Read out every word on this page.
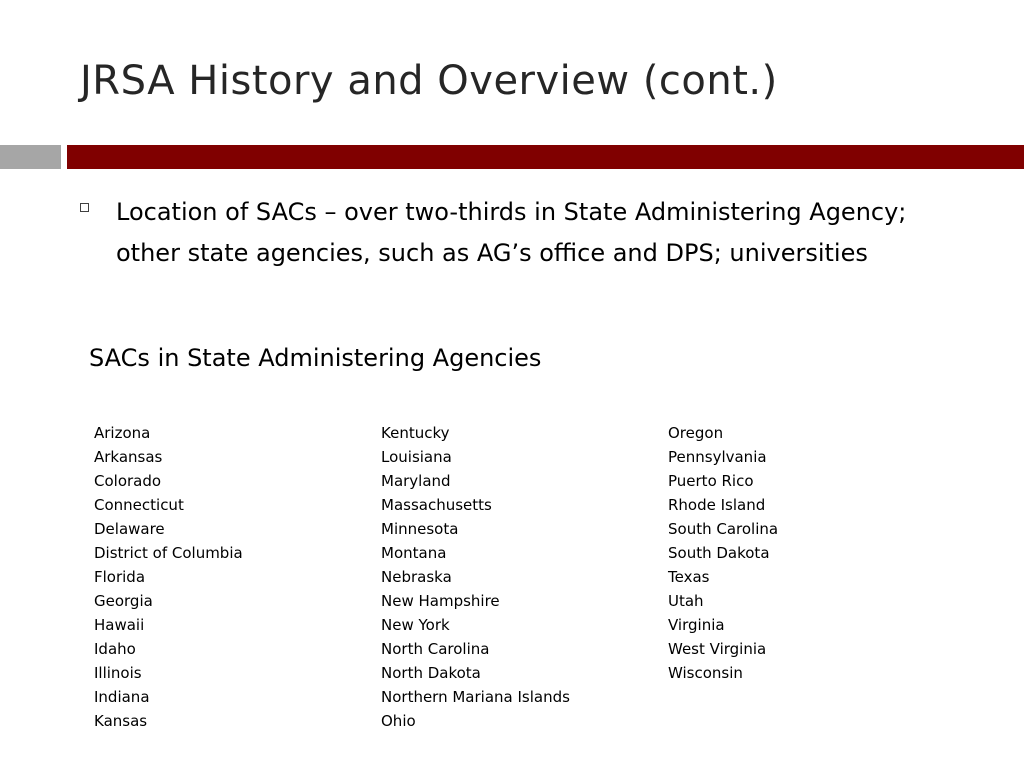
JRSA History and Overview (cont.)
Location of SACs – over two-thirds in State Administering Agency; other state agencies, such as AG’s office and DPS; universities
SACs in State Administering Agencies
Arizona
Arkansas
Colorado
Connecticut
Delaware
District of Columbia
Florida
Georgia
Hawaii
Idaho
Illinois
Indiana
Kansas
Kentucky
Louisiana
Maryland
Massachusetts
Minnesota
Montana
Nebraska
New Hampshire
New York
North Carolina
North Dakota
Northern Mariana Islands
Ohio
Oregon
Pennsylvania
Puerto Rico
Rhode Island
South Carolina
South Dakota
Texas
Utah
Virginia
West Virginia
Wisconsin
